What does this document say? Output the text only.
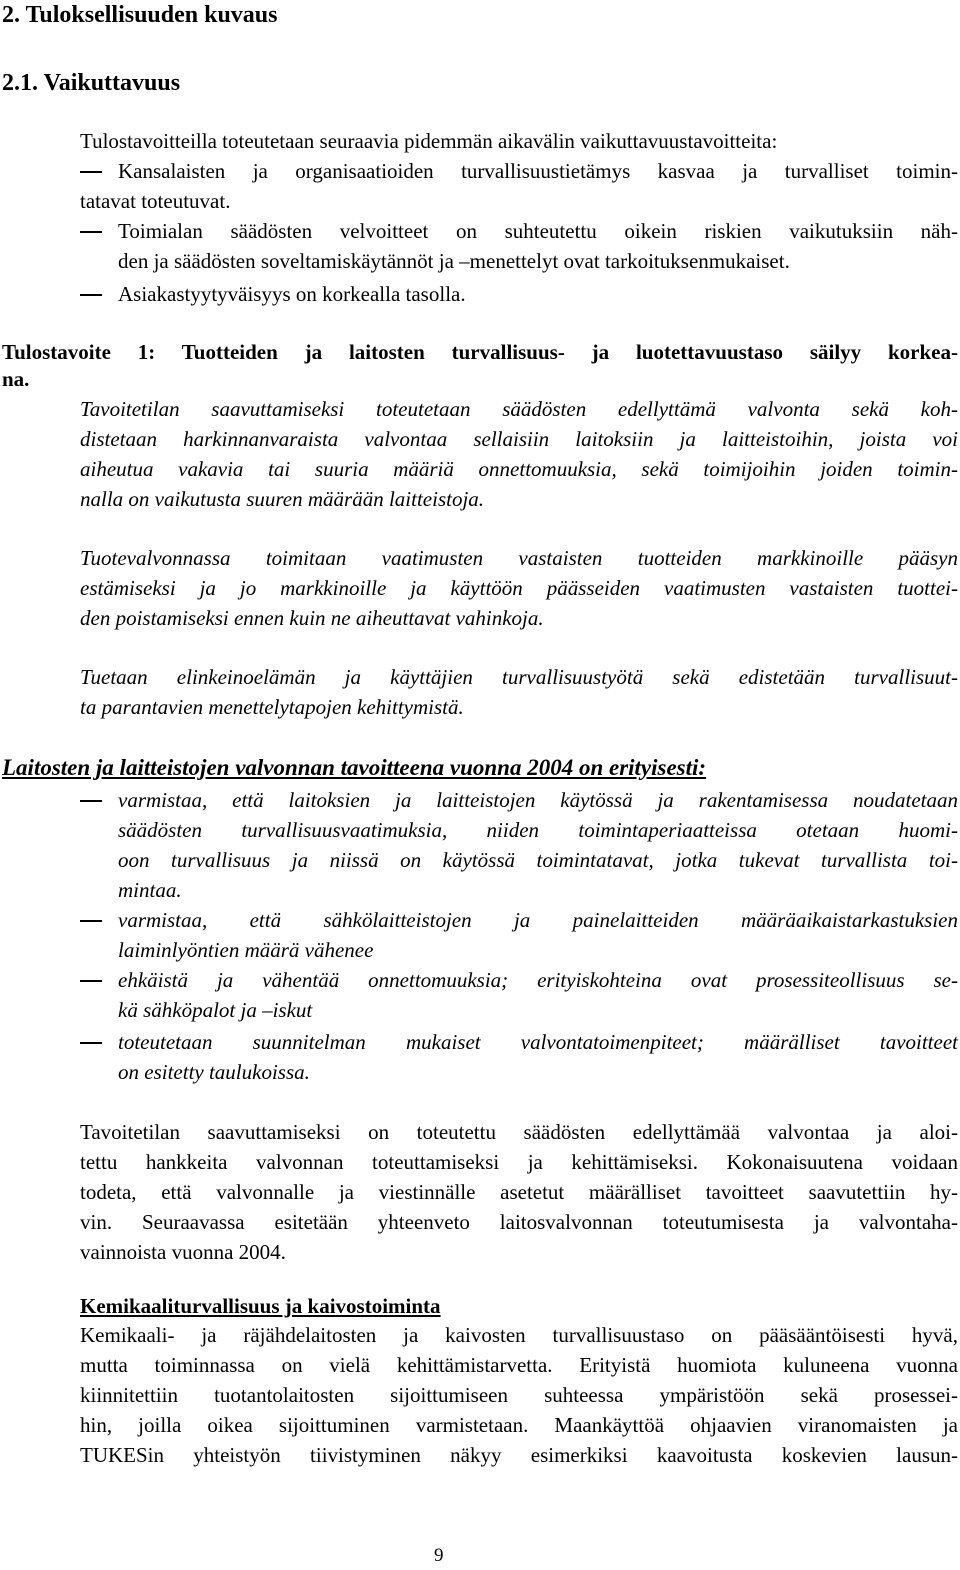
2. Tuloksellisuuden kuvaus
2.1. Vaikuttavuus
Tulostavoitteilla toteutetaan seuraavia pidemmän aikavälin vaikuttavuustavoitteita:
Kansalaisten ja organisaatioiden turvallisuustietämys kasvaa ja turvalliset toimin-
tatavat toteutuvat.
Toimialan säädösten velvoitteet on suhteutettu oikein riskien vaikutuksiin näh-
den ja säädösten soveltamiskäytännöt ja –menettelyt ovat tarkoituksenmukaiset.
Asiakastyytyväisyys on korkealla tasolla.
Tulostavoite 1: Tuotteiden ja laitosten turvallisuus- ja luotettavuustaso säilyy korkea-
na.
Tavoitetilan saavuttamiseksi toteutetaan säädösten edellyttämä valvonta sekä koh-
distetaan harkinnanvaraista valvontaa sellaisiin laitoksiin ja laitteistoihin, joista voi
aiheutua vakavia tai suuria määriä onnettomuuksia, sekä toimijoihin joiden toimin-
nalla on vaikutusta suuren määrään laitteistoja.
Tuotevalvonnassa toimitaan vaatimusten vastaisten tuotteiden markkinoille pääsyn
estämiseksi ja jo markkinoille ja käyttöön päässeiden vaatimusten vastaisten tuottei-
den poistamiseksi ennen kuin ne aiheuttavat vahinkoja.
Tuetaan elinkeinoelämän ja käyttäjien turvallisuustyötä sekä edistetään turvallisuut-
ta parantavien menettelytapojen kehittymistä.
Laitosten ja laitteistojen valvonnan tavoitteena vuonna 2004 on erityisesti:
varmistaa, että laitoksien ja laitteistojen käytössä ja rakentamisessa noudatetaan
säädösten turvallisuusvaatimuksia, niiden toimintaperiaatteissa otetaan huomi-
oon turvallisuus ja niissä on käytössä toimintatavat, jotka tukevat turvallista toi-
mintaa.
varmistaa, että sähkölaitteistojen ja painelaitteiden määräaikaistarkastuksien
laiminlyöntien määrä vähenee
ehkäistä ja vähentää onnettomuuksia; erityiskohteina ovat prosessiteollisuus se-
kä sähköpalot ja –iskut
toteutetaan suunnitelman mukaiset valvontatoimenpiteet; määrälliset tavoitteet
on esitetty taulukoissa.
Tavoitetilan saavuttamiseksi on toteutettu säädösten edellyttämää valvontaa ja aloi-
tettu hankkeita valvonnan toteuttamiseksi ja kehittämiseksi. Kokonaisuutena voidaan
todeta, että valvonnalle ja viestinnälle asetetut määrälliset tavoitteet saavutettiin hy-
vin. Seuraavassa esitetään yhteenveto laitosvalvonnan toteutumisesta ja valvontaha-
vainnoista vuonna 2004.
Kemikaaliturvallisuus ja kaivostoiminta
Kemikaali- ja räjähdelaitosten ja kaivosten turvallisuustaso on pääsääntöisesti hyvä,
mutta toiminnassa on vielä kehittämistarvetta. Erityistä huomiota kuluneena vuonna
kiinnitettiin tuotantolaitosten sijoittumiseen suhteessa ympäristöön sekä prosessei-
hin, joilla oikea sijoittuminen varmistetaan. Maankäyttöä ohjaavien viranomaisten ja
TUKESin yhteistyön tiivistyminen näkyy esimerkiksi kaavoitusta koskevien lausun-
9
